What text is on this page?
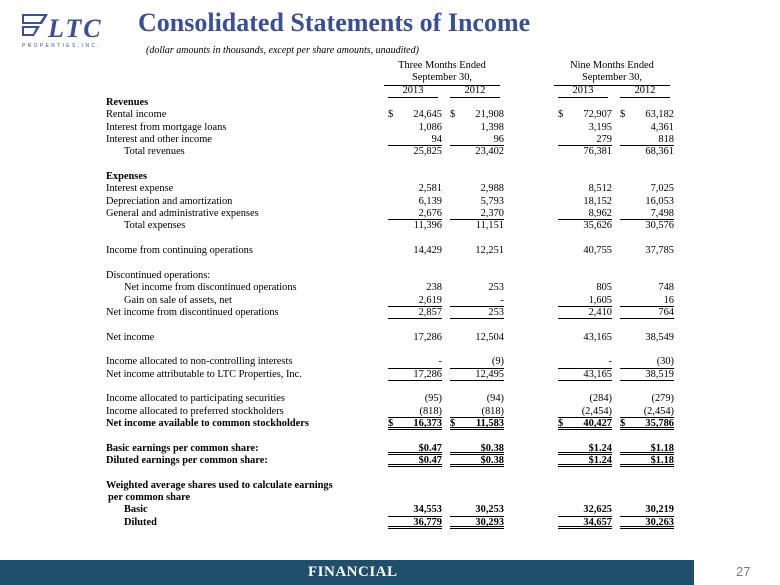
LTC
P R O P E R T I E S , I N C .
Consolidated Statements of Income
(dollar amounts in thousands, except per share amounts, unaudited)
Three Months Ended	Nine Months Ended
September 30,	September 30,
2013	2012	2013	2012
Revenues
Rental income	$ 24,645 $ 21,908	$ 72,907 $ 63,182
Interest from mortgage loans	1,086	1,398	3,195	4,361
Interest and other income	94	96	279	818
Total revenues	25,825	23,402	76,381	68,361
Expenses
Interest expense	2,581	2,988	8,512	7,025
Depreciation and amortization	6,139	5,793	18,152	16,053
General and administrative expenses	2,676	2,370	8,962	7,498
Total expenses	11,396	11,151	35,626	30,576
Income from continuing operations	14,429	12,251	40,755	37,785
Discontinued operations:
Net income from discontinued operations	238	253	805	748
Gain on sale of assets, net	2,619	-	1,605	16
Net income from discontinued operations	2,857	253	2,410	764
Net income	17,286	12,504	43,165	38,549
Income allocated to non-controlling interests	-	(9)	-	(30)
Net income attributable to LTC Properties, Inc.	17,286	12,495	43,165	38,519
Income allocated to participating securities	(95)	(94)	(284)	(279)
Income allocated to preferred stockholders	(818)	(818)	(2,454)	(2,454)
Net income available to common stockholders	$ 16,373 $ 11,583	$ 40,427 $ 35,786
Basic earnings per common share:	$0.47	$0.38	$1.24	$1.18
Diluted earnings per common share:	$0.47	$0.38	$1.24	$1.18
Weighted average shares used to calculate earnings
per common share
Basic	34,553	30,253	32,625	30,219
Diluted	36,779	30,293	34,657	30,263
FINANCIAL	27
